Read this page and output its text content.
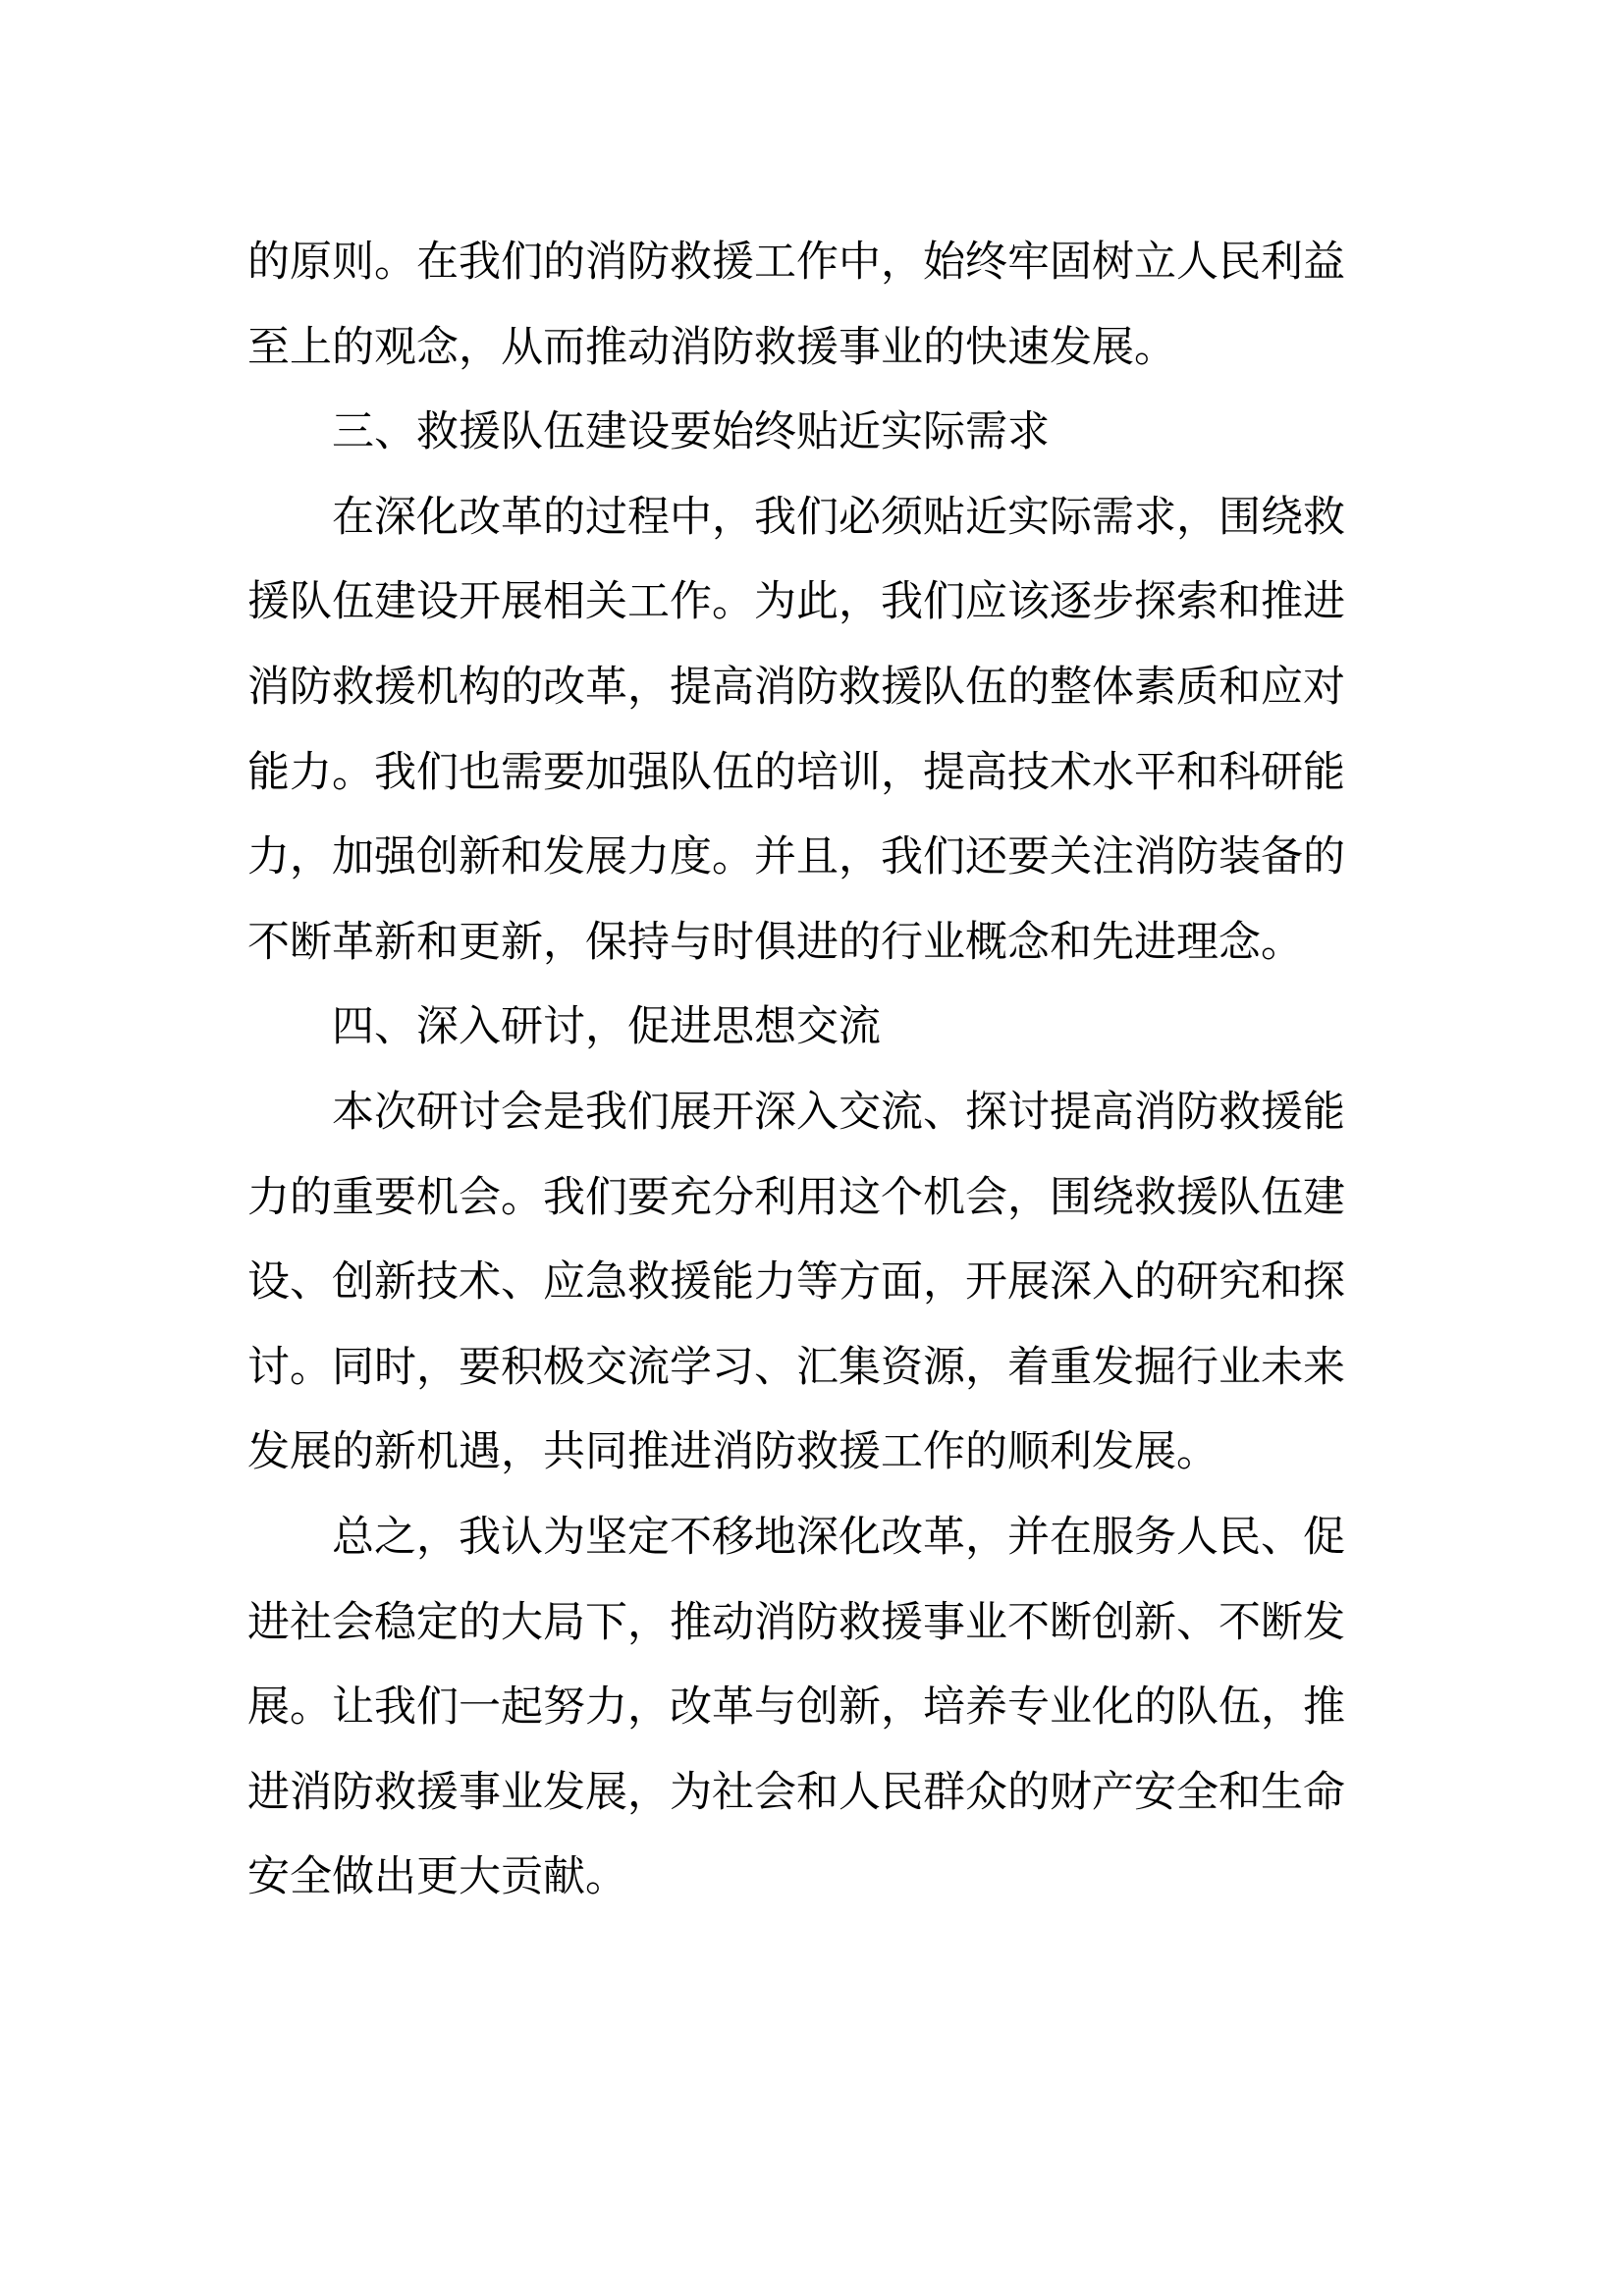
的原则。在我们的消防救援工作中，始终牢固树立人民利益至上的观念，从而推动消防救援事业的快速发展。

三、救援队伍建设要始终贴近实际需求

在深化改革的过程中，我们必须贴近实际需求，围绕救援队伍建设开展相关工作。为此，我们应该逐步探索和推进消防救援机构的改革，提高消防救援队伍的整体素质和应对能力。我们也需要加强队伍的培训，提高技术水平和科研能力，加强创新和发展力度。并且，我们还要关注消防装备的不断革新和更新，保持与时俱进的行业概念和先进理念。

四、深入研讨，促进思想交流

本次研讨会是我们展开深入交流、探讨提高消防救援能力的重要机会。我们要充分利用这个机会，围绕救援队伍建设、创新技术、应急救援能力等方面，开展深入的研究和探讨。同时，要积极交流学习、汇集资源，着重发掘行业未来发展的新机遇，共同推进消防救援工作的顺利发展。

总之，我认为坚定不移地深化改革，并在服务人民、促进社会稳定的大局下，推动消防救援事业不断创新、不断发展。让我们一起努力，改革与创新，培养专业化的队伍，推进消防救援事业发展，为社会和人民群众的财产安全和生命安全做出更大贡献。
